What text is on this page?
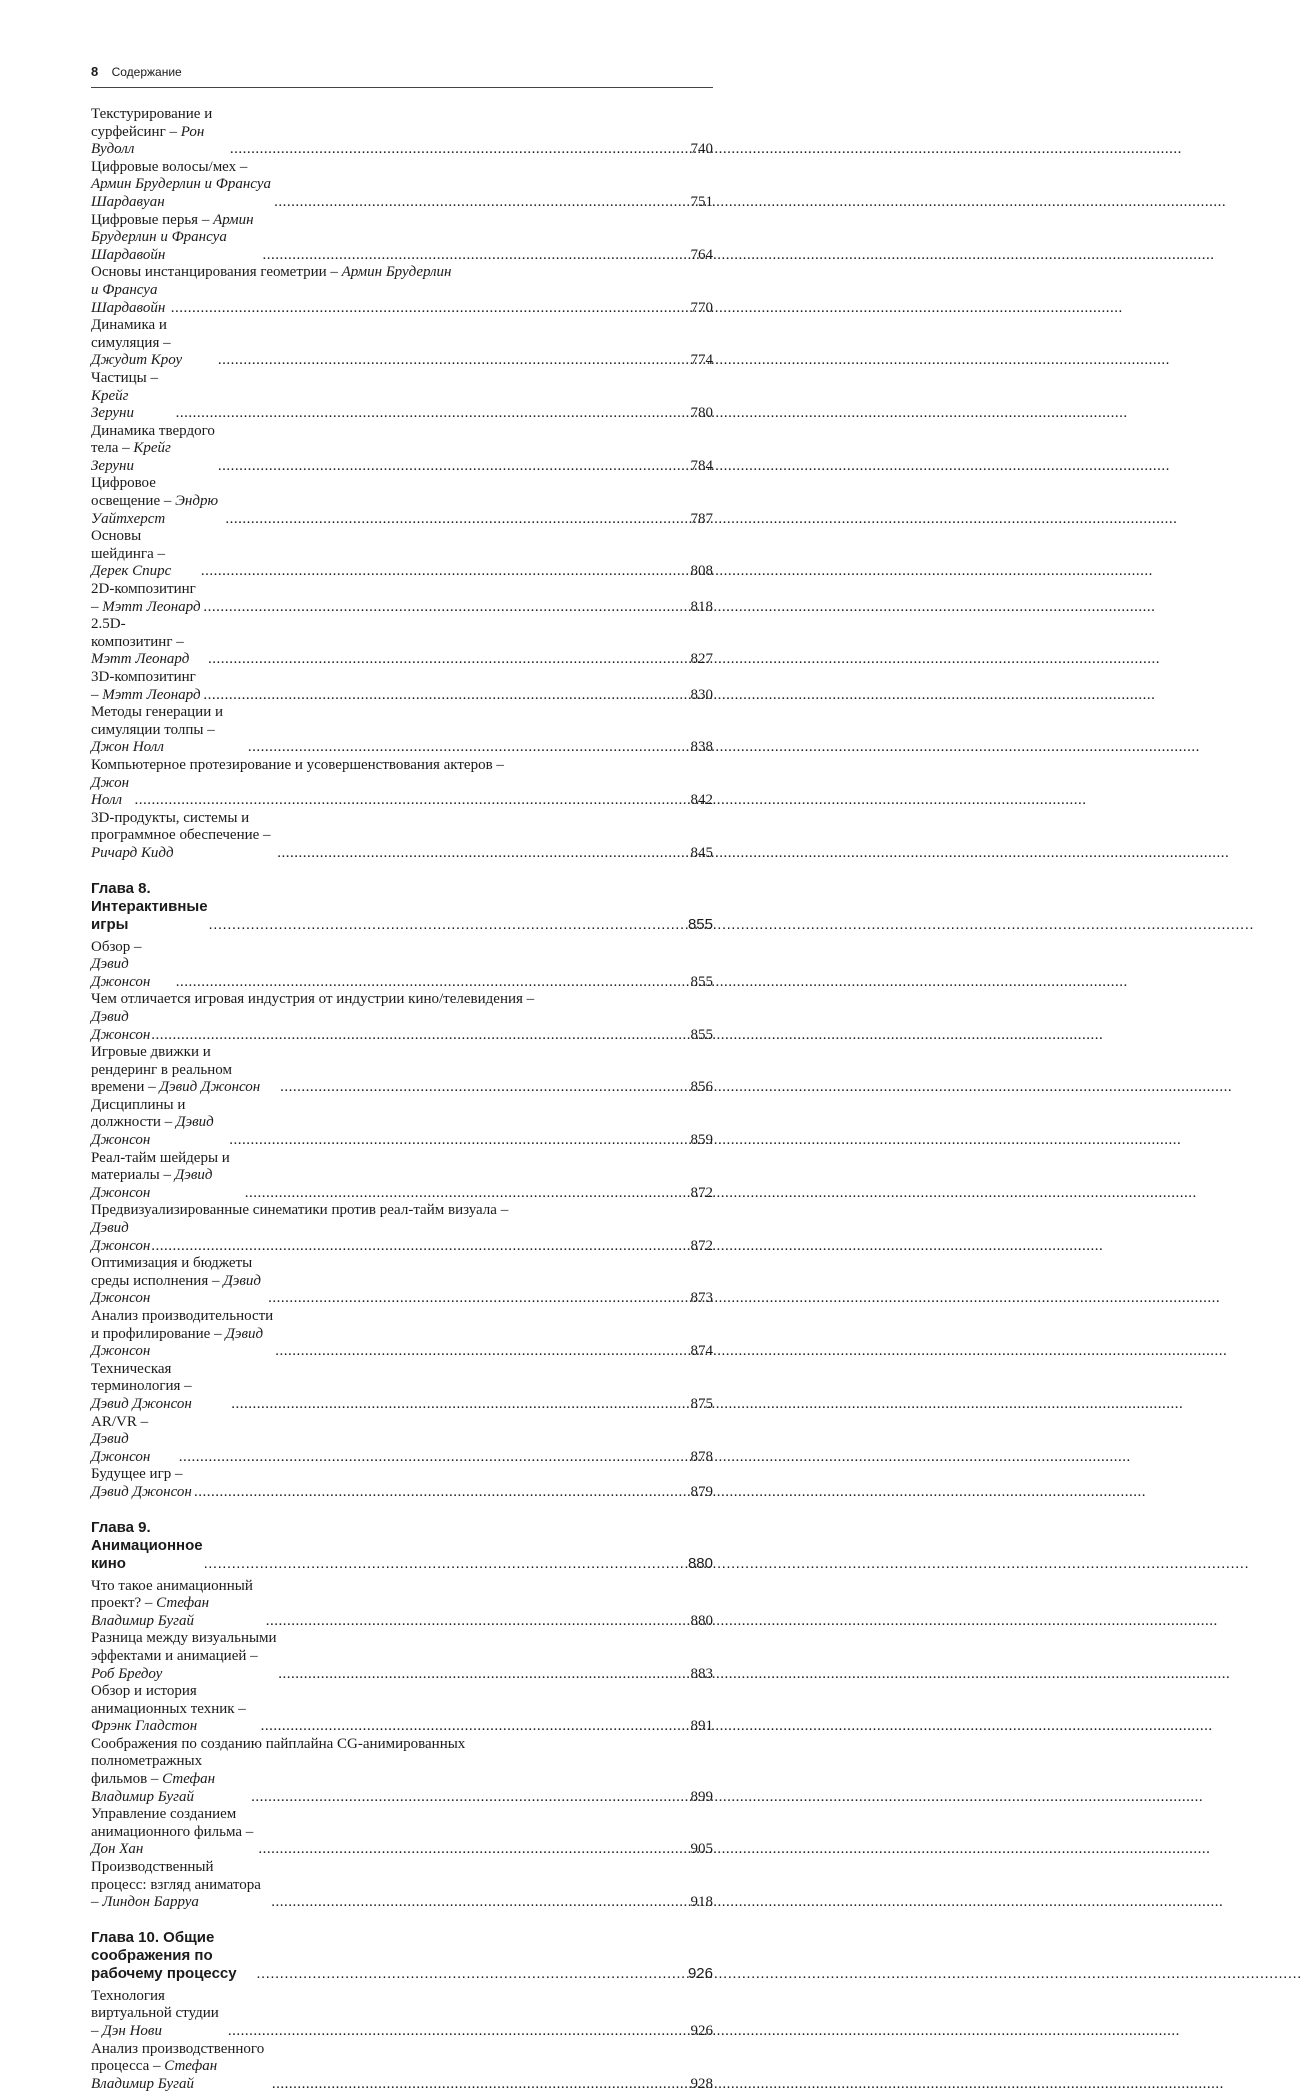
8 Содержание
Текстурирование и сурфейсинг – Рон Вудолл .....	740
Цифровые волосы/мех – Армин Брудерлин и Франсуа Шардавуан .....	751
Цифровые перья – Армин Брудерлин и Франсуа Шардавойн .....	764
Основы инстанцирования геометрии – Армин Брудерлин
и Франсуа Шардавойн .....	770
Динамика и симуляция – Джудит Кроу .....	774
Частицы – Крейг Зеруни .....	780
Динамика твердого тела – Крейг Зеруни .....	784
Цифровое освещение – Эндрю Уайтхерст .....	787
Основы шейдинга – Дерек Спирс .....	808
2D-композитинг – Мэтт Леонард .....	818
2.5D-композитинг – Мэтт Леонард .....	827
3D-композитинг – Мэтт Леонард .....	830
Методы генерации и симуляции толпы – Джон Нолл .....	838
Компьютерное протезирование и усовершенствования актеров –
Джон Нолл .....	842
3D-продукты, системы и программное обеспечение – Ричард Кидд .....	845
Глава 8. Интерактивные игры .....	855
Обзор – Дэвид Джонсон .....	855
Чем отличается игровая индустрия от индустрии кино/телевидения –
Дэвид Джонсон .....	855
Игровые движки и рендеринг в реальном времени – Дэвид Джонсон .....	856
Дисциплины и должности – Дэвид Джонсон .....	859
Реал-тайм шейдеры и материалы – Дэвид Джонсон .....	872
Предвизуализированные синематики против реал-тайм визуала –
Дэвид Джонсон .....	872
Оптимизация и бюджеты среды исполнения – Дэвид Джонсон .....	873
Анализ производительности и профилирование – Дэвид Джонсон .....	874
Техническая терминология – Дэвид Джонсон .....	875
AR/VR – Дэвид Джонсон .....	878
Будущее игр – Дэвид Джонсон .....	879
Глава 9. Анимационное кино .....	880
Что такое анимационный проект? – Стефан Владимир Бугай .....	880
Разница между визуальными эффектами и анимацией – Роб Бредоу .....	883
Обзор и история анимационных техник – Фрэнк Гладстон .....	891
Соображения по созданию пайплайна CG-анимированных
полнометражных фильмов – Стефан Владимир Бугай .....	899
Управление созданием анимационного фильма – Дон Хан .....	905
Производственный процесс: взгляд аниматора – Линдон Барруа .....	918
Глава 10. Общие соображения по рабочему процессу .....	926
Технология виртуальной студии – Дэн Нови .....	926
Анализ производственного процесса – Стефан Владимир Бугай .....	928
